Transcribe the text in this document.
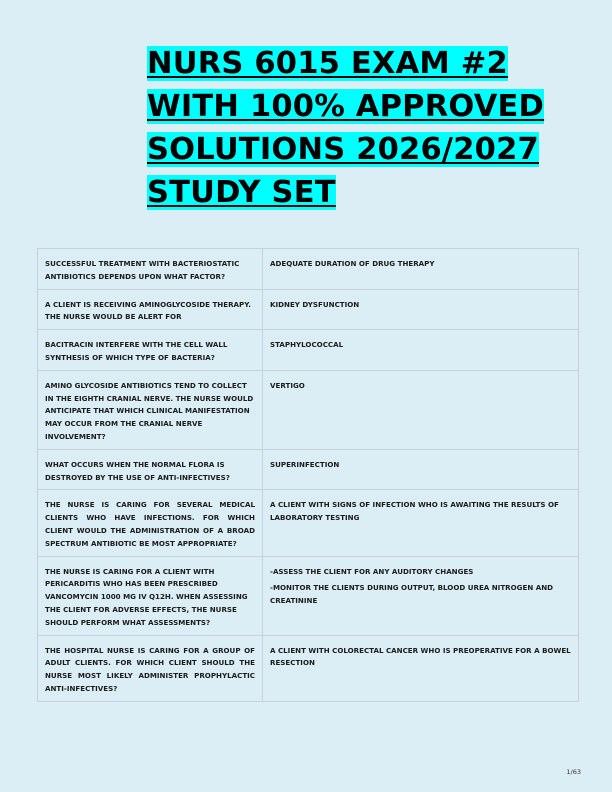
NURS 6015 EXAM #2
WITH 100% APPROVED
SOLUTIONS 2026/2027
STUDY SET
SUCCESSFUL TREATMENT WITH BACTERIOSTATIC ANTIBIOTICS DEPENDS UPON WHAT FACTOR?	ADEQUATE DURATION OF DRUG THERAPY
A CLIENT IS RECEIVING AMINOGLYCOSIDE THERAPY. THE NURSE WOULD BE ALERT FOR	KIDNEY DYSFUNCTION
BACITRACIN INTERFERE WITH THE CELL WALL SYNTHESIS OF WHICH TYPE OF BACTERIA?	STAPHYLOCOCCAL
AMINO GLYCOSIDE ANTIBIOTICS TEND TO COLLECT IN THE EIGHTH CRANIAL NERVE. THE NURSE WOULD ANTICIPATE THAT WHICH CLINICAL MANIFESTATION MAY OCCUR FROM THE CRANIAL NERVE INVOLVEMENT?	VERTIGO
WHAT OCCURS WHEN THE NORMAL FLORA IS DESTROYED BY THE USE OF ANTI-INFECTIVES?	SUPERINFECTION
THE NURSE IS CARING FOR SEVERAL MEDICAL CLIENTS WHO HAVE INFECTIONS. FOR WHICH CLIENT WOULD THE ADMINISTRATION OF A BROAD SPECTRUM ANTIBIOTIC BE MOST APPROPRIATE?	A CLIENT WITH SIGNS OF INFECTION WHO IS AWAITING THE RESULTS OF LABORATORY TESTING
THE NURSE IS CARING FOR A CLIENT WITH PERICARDITIS WHO HAS BEEN PRESCRIBED VANCOMYCIN 1000 MG IV Q12H. WHEN ASSESSING THE CLIENT FOR ADVERSE EFFECTS, THE NURSE SHOULD PERFORM WHAT ASSESSMENTS?	-ASSESS THE CLIENT FOR ANY AUDITORY CHANGES
-MONITOR THE CLIENTS DURING OUTPUT, BLOOD UREA NITROGEN AND CREATININE

THE HOSPITAL NURSE IS CARING FOR A GROUP OF ADULT CLIENTS. FOR WHICH CLIENT SHOULD THE NURSE MOST LIKELY ADMINISTER PROPHYLACTIC ANTI-INFECTIVES?	A CLIENT WITH COLORECTAL CANCER WHO IS PREOPERATIVE FOR A BOWEL RESECTION
1/63
